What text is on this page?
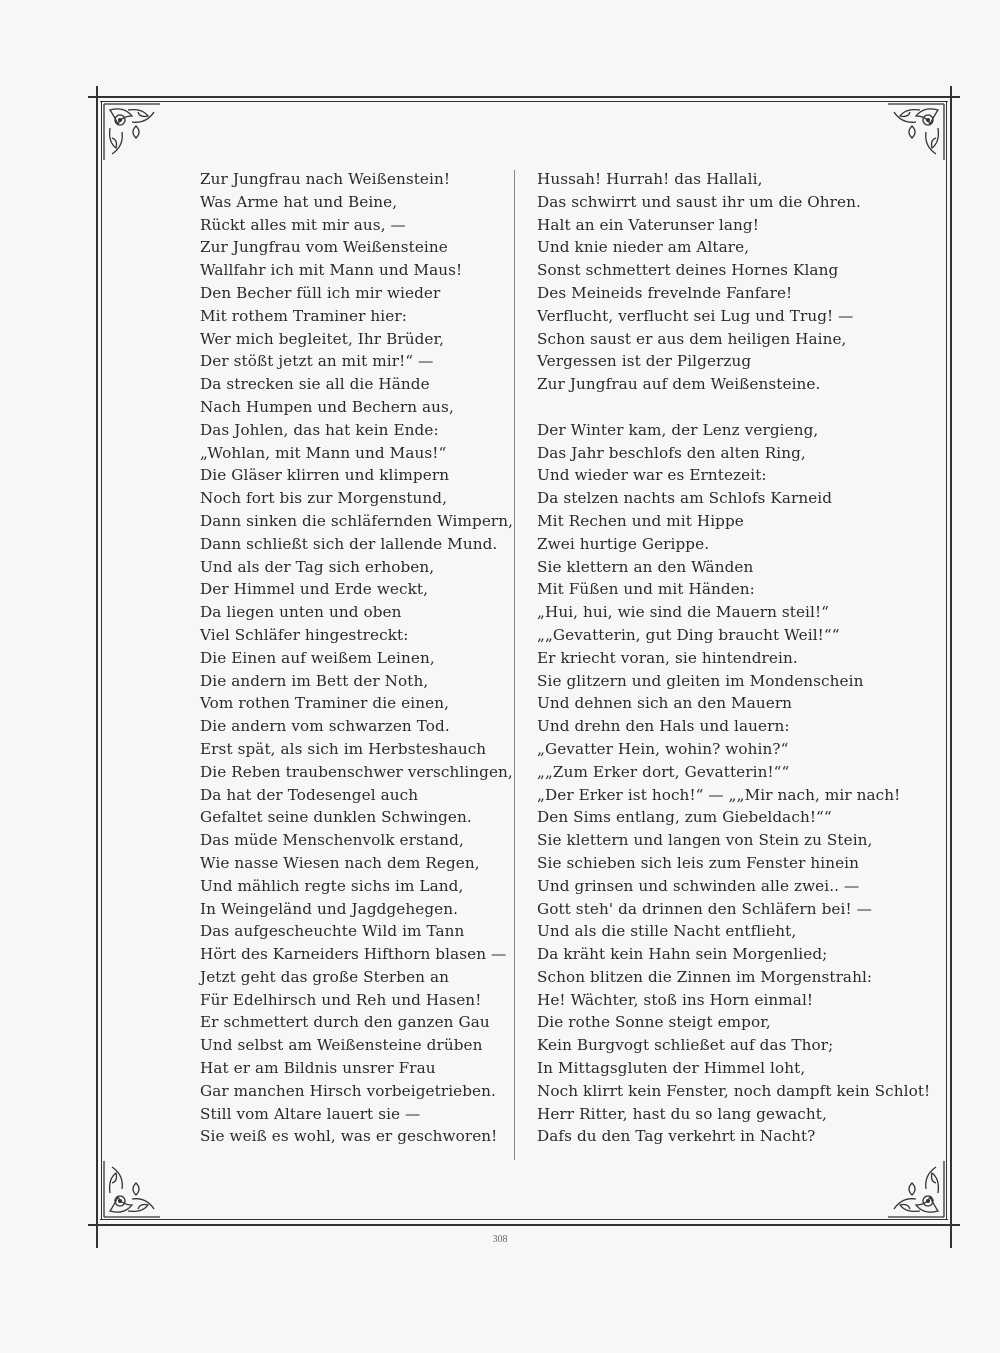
Zur Jungfrau nach Weißenstein!
Was Arme hat und Beine,
Rückt alles mit mir aus, —
Zur Jungfrau vom Weißensteine
Wallfahr ich mit Mann und Maus!
Den Becher füll ich mir wieder
Mit rothem Traminer hier:
Wer mich begleitet, Ihr Brüder,
Der stößt jetzt an mit mir!“ —
Da strecken sie all die Hände
Nach Humpen und Bechern aus,
Das Johlen, das hat kein Ende:
„Wohlan, mit Mann und Maus!“
Die Gläser klirren und klimpern
Noch fort bis zur Morgenstund,
Dann sinken die schläfernden Wimpern,
Dann schließt sich der lallende Mund.
Und als der Tag sich erhoben,
Der Himmel und Erde weckt,
Da liegen unten und oben
Viel Schläfer hingestreckt:
Die Einen auf weißem Leinen,
Die andern im Bett der Noth,
Vom rothen Traminer die einen,
Die andern vom schwarzen Tod.
Erst spät, als sich im Herbsteshauch
Die Reben traubenschwer verschlingen,
Da hat der Todesengel auch
Gefaltet seine dunklen Schwingen.
Das müde Menschenvolk erstand,
Wie nasse Wiesen nach dem Regen,
Und mählich regte sichs im Land,
In Weingeländ und Jagdgehegen.
Das aufgescheuchte Wild im Tann
Hört des Karneiders Hifthorn blasen —
Jetzt geht das große Sterben an
Für Edelhirsch und Reh und Hasen!
Er schmettert durch den ganzen Gau
Und selbst am Weißensteine drüben
Hat er am Bildnis unsrer Frau
Gar manchen Hirsch vorbeigetrieben.
Still vom Altare lauert sie —
Sie weiß es wohl, was er geschworen!
Hussah! Hurrah! das Hallali,
Das schwirrt und saust ihr um die Ohren.
Halt an ein Vaterunser lang!
Und knie nieder am Altare,
Sonst schmettert deines Hornes Klang
Des Meineids frevelnde Fanfare!
Verflucht, verflucht sei Lug und Trug! —
Schon saust er aus dem heiligen Haine,
Vergessen ist der Pilgerzug
Zur Jungfrau auf dem Weißensteine.
Der Winter kam, der Lenz vergieng,
Das Jahr beschlofs den alten Ring,
Und wieder war es Erntezeit:
Da stelzen nachts am Schlofs Karneid
Mit Rechen und mit Hippe
Zwei hurtige Gerippe.
Sie klettern an den Wänden
Mit Füßen und mit Händen:
„Hui, hui, wie sind die Mauern steil!“
„„Gevatterin, gut Ding braucht Weil!““
Er kriecht voran, sie hintendrein.
Sie glitzern und gleiten im Mondenschein
Und dehnen sich an den Mauern
Und drehn den Hals und lauern:
„Gevatter Hein, wohin? wohin?“
„„Zum Erker dort, Gevatterin!““
„Der Erker ist hoch!“ — „„Mir nach, mir nach!
Den Sims entlang, zum Giebeldach!““
Sie klettern und langen von Stein zu Stein,
Sie schieben sich leis zum Fenster hinein
Und grinsen und schwinden alle zwei.. —
Gott steh' da drinnen den Schläfern bei! —
Und als die stille Nacht entflieht,
Da kräht kein Hahn sein Morgenlied;
Schon blitzen die Zinnen im Morgenstrahl:
He! Wächter, stoß ins Horn einmal!
Die rothe Sonne steigt empor,
Kein Burgvogt schließet auf das Thor;
In Mittagsgluten der Himmel loht,
Noch klirrt kein Fenster, noch dampft kein Schlot!
Herr Ritter, hast du so lang gewacht,
Dafs du den Tag verkehrt in Nacht?
308
